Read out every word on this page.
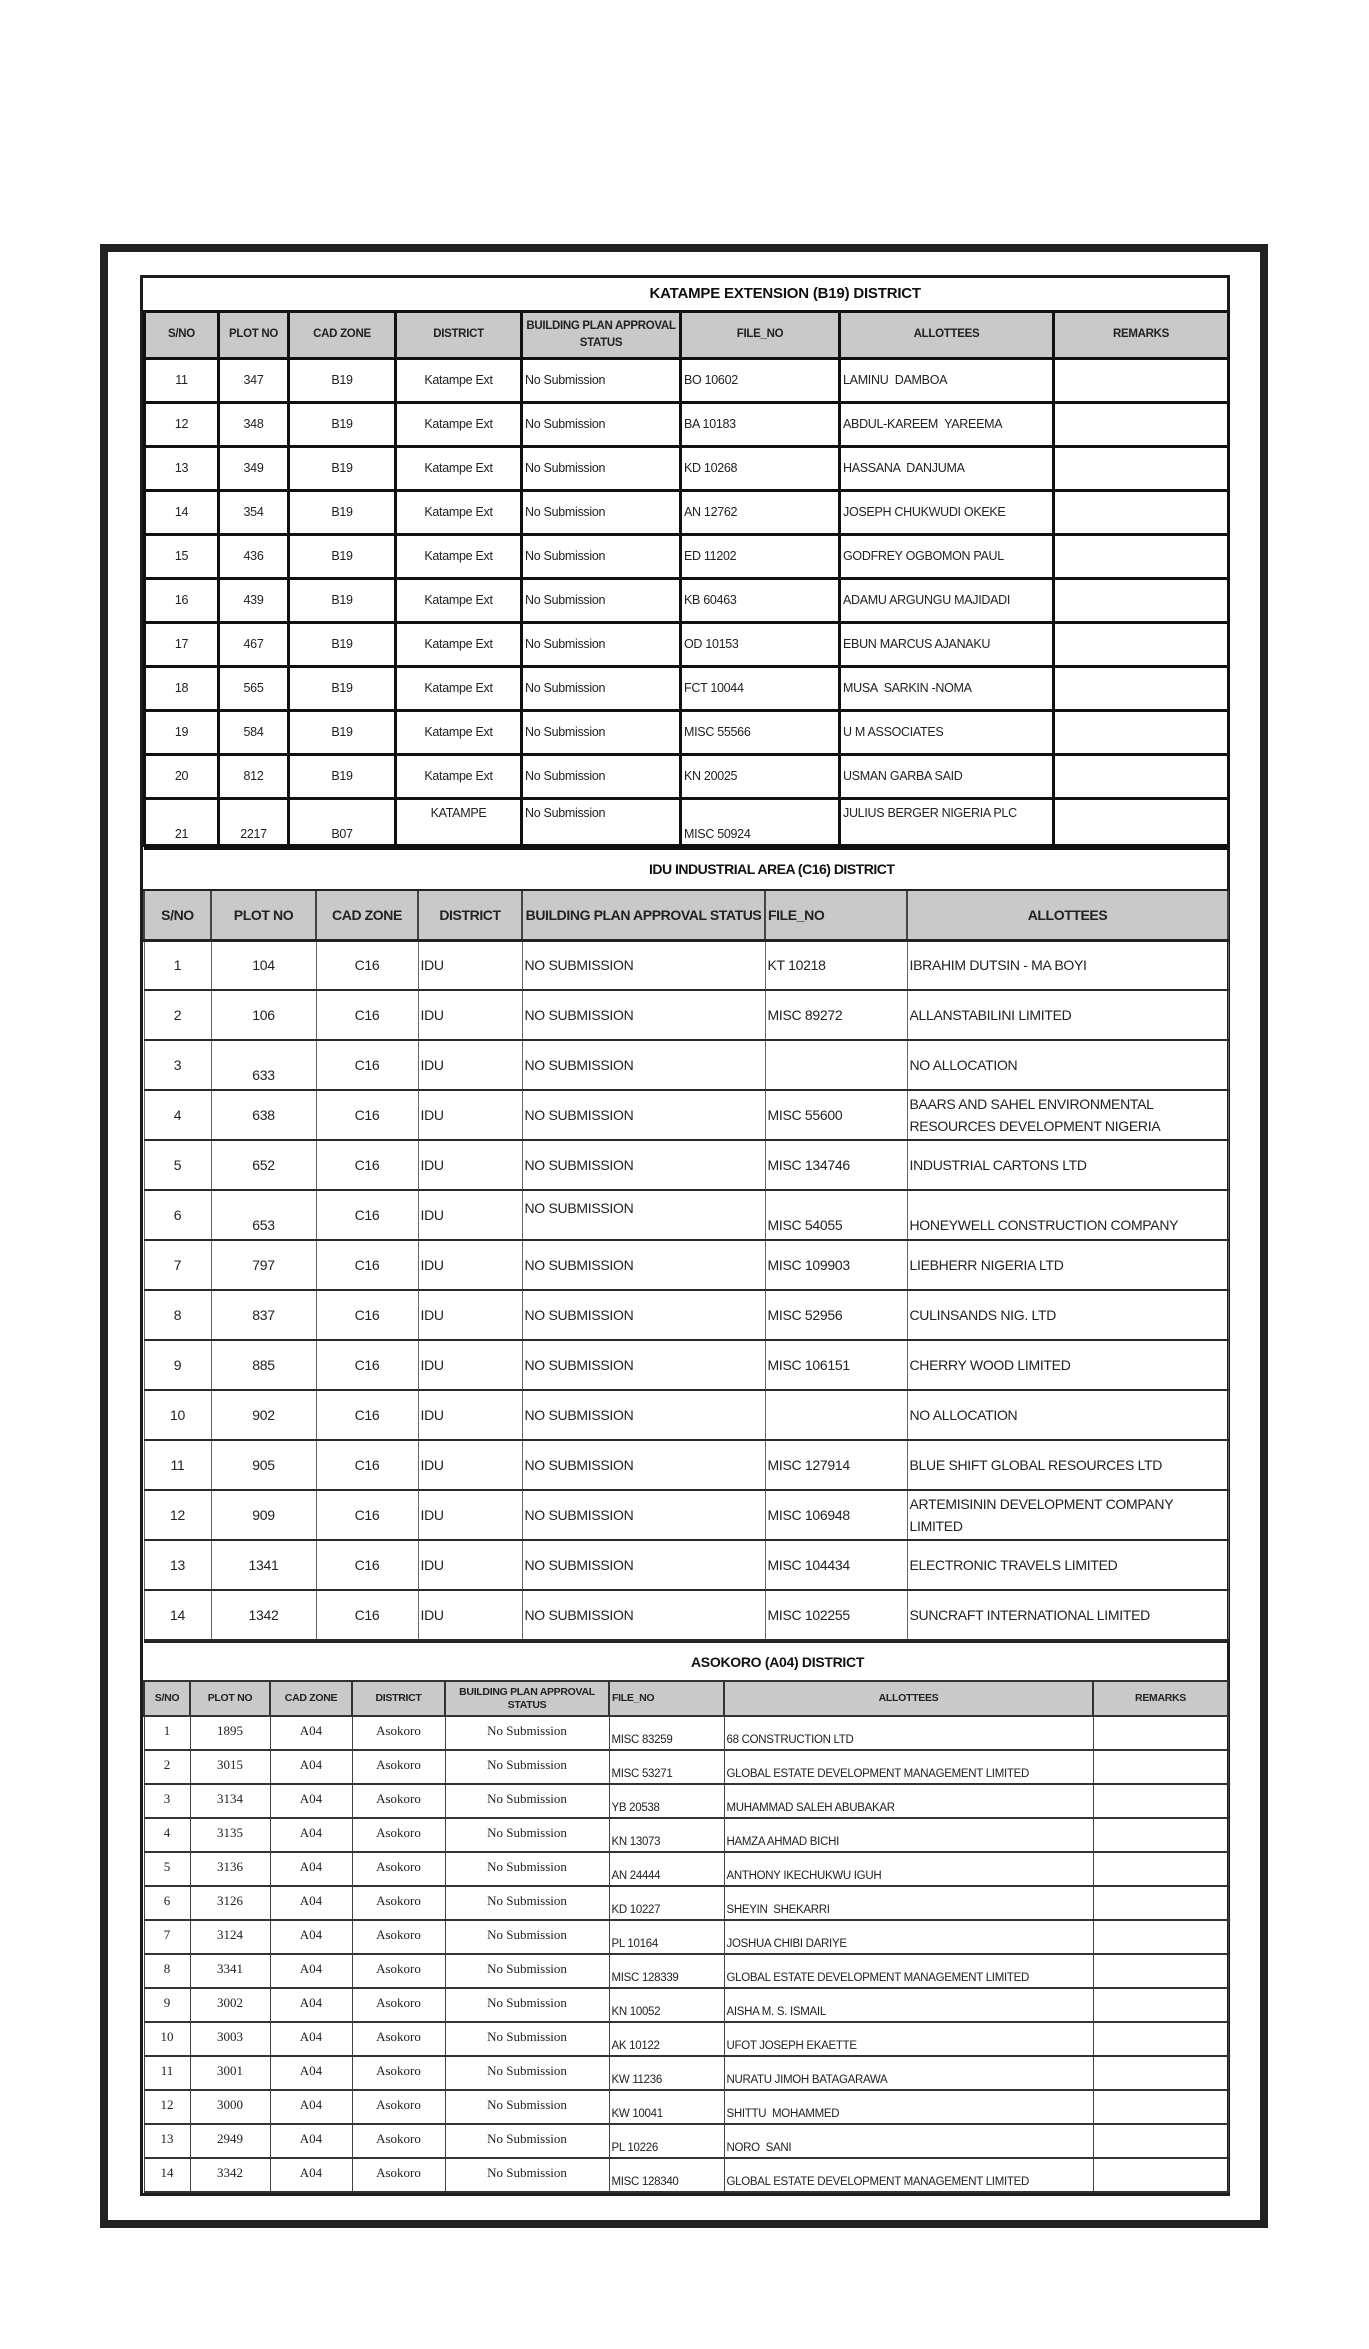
KATAMPE EXTENSION (B19) DISTRICT							
S/NO	PLOT NO	CAD ZONE	DISTRICT	BUILDING PLAN APPROVAL STATUS	FILE_NO	ALLOTTEES	REMARKS
11	347	B19	Katampe Ext	No Submission	BO 10602	LAMINU  DAMBOA	
12	348	B19	Katampe Ext	No Submission	BA 10183	ABDUL-KAREEM  YAREEMA	
13	349	B19	Katampe Ext	No Submission	KD 10268	HASSANA  DANJUMA	
14	354	B19	Katampe Ext	No Submission	AN 12762	JOSEPH CHUKWUDI OKEKE	
15	436	B19	Katampe Ext	No Submission	ED 11202	GODFREY OGBOMON PAUL	
16	439	B19	Katampe Ext	No Submission	KB 60463	ADAMU ARGUNGU MAJIDADI	
17	467	B19	Katampe Ext	No Submission	OD 10153	EBUN MARCUS AJANAKU	
18	565	B19	Katampe Ext	No Submission	FCT 10044	MUSA  SARKIN -NOMA	
19	584	B19	Katampe Ext	No Submission	MISC 55566	U M ASSOCIATES	
20	812	B19	Katampe Ext	No Submission	KN 20025	USMAN GARBA SAID	
21	2217	B07	KATAMPE	No Submission	MISC 50924	JULIUS BERGER NIGERIA PLC	
IDU INDUSTRIAL AREA (C16) DISTRICT						
S/NO	PLOT NO	CAD ZONE	DISTRICT	BUILDING PLAN APPROVAL STATUS	FILE_NO	ALLOTTEES
1	104	C16	IDU	NO SUBMISSION	KT 10218	IBRAHIM DUTSIN - MA BOYI
2	106	C16	IDU	NO SUBMISSION	MISC 89272	ALLANSTABILINI LIMITED
3	633	C16	IDU	NO SUBMISSION		NO ALLOCATION
4	638	C16	IDU	NO SUBMISSION	MISC 55600	BAARS AND SAHEL ENVIRONMENTAL RESOURCES DEVELOPMENT NIGERIA
5	652	C16	IDU	NO SUBMISSION	MISC 134746	INDUSTRIAL CARTONS LTD
6	653	C16	IDU	NO SUBMISSION	MISC 54055	HONEYWELL CONSTRUCTION COMPANY
7	797	C16	IDU	NO SUBMISSION	MISC 109903	LIEBHERR NIGERIA LTD
8	837	C16	IDU	NO SUBMISSION	MISC 52956	CULINSANDS NIG. LTD
9	885	C16	IDU	NO SUBMISSION	MISC 106151	CHERRY WOOD LIMITED
10	902	C16	IDU	NO SUBMISSION		NO ALLOCATION
11	905	C16	IDU	NO SUBMISSION	MISC 127914	BLUE SHIFT GLOBAL RESOURCES LTD
12	909	C16	IDU	NO SUBMISSION	MISC 106948	ARTEMISININ DEVELOPMENT COMPANY LIMITED
13	1341	C16	IDU	NO SUBMISSION	MISC 104434	ELECTRONIC TRAVELS LIMITED
14	1342	C16	IDU	NO SUBMISSION	MISC 102255	SUNCRAFT INTERNATIONAL LIMITED
ASOKORO (A04) DISTRICT							
S/NO	PLOT NO	CAD ZONE	DISTRICT	BUILDING PLAN APPROVAL STATUS	FILE_NO	ALLOTTEES	REMARKS
1	1895	A04	Asokoro	No Submission	MISC 83259	68 CONSTRUCTION LTD	
2	3015	A04	Asokoro	No Submission	MISC 53271	GLOBAL ESTATE DEVELOPMENT MANAGEMENT LIMITED	
3	3134	A04	Asokoro	No Submission	YB 20538	MUHAMMAD SALEH ABUBAKAR	
4	3135	A04	Asokoro	No Submission	KN 13073	HAMZA AHMAD BICHI	
5	3136	A04	Asokoro	No Submission	AN 24444	ANTHONY IKECHUKWU IGUH	
6	3126	A04	Asokoro	No Submission	KD 10227	SHEYIN  SHEKARRI	
7	3124	A04	Asokoro	No Submission	PL 10164	JOSHUA CHIBI DARIYE	
8	3341	A04	Asokoro	No Submission	MISC 128339	GLOBAL ESTATE DEVELOPMENT MANAGEMENT LIMITED	
9	3002	A04	Asokoro	No Submission	KN 10052	AISHA M. S. ISMAIL	
10	3003	A04	Asokoro	No Submission	AK 10122	UFOT JOSEPH EKAETTE	
11	3001	A04	Asokoro	No Submission	KW 11236	NURATU JIMOH BATAGARAWA	
12	3000	A04	Asokoro	No Submission	KW 10041	SHITTU  MOHAMMED	
13	2949	A04	Asokoro	No Submission	PL 10226	NORO  SANI	
14	3342	A04	Asokoro	No Submission	MISC 128340	GLOBAL ESTATE DEVELOPMENT MANAGEMENT LIMITED	
